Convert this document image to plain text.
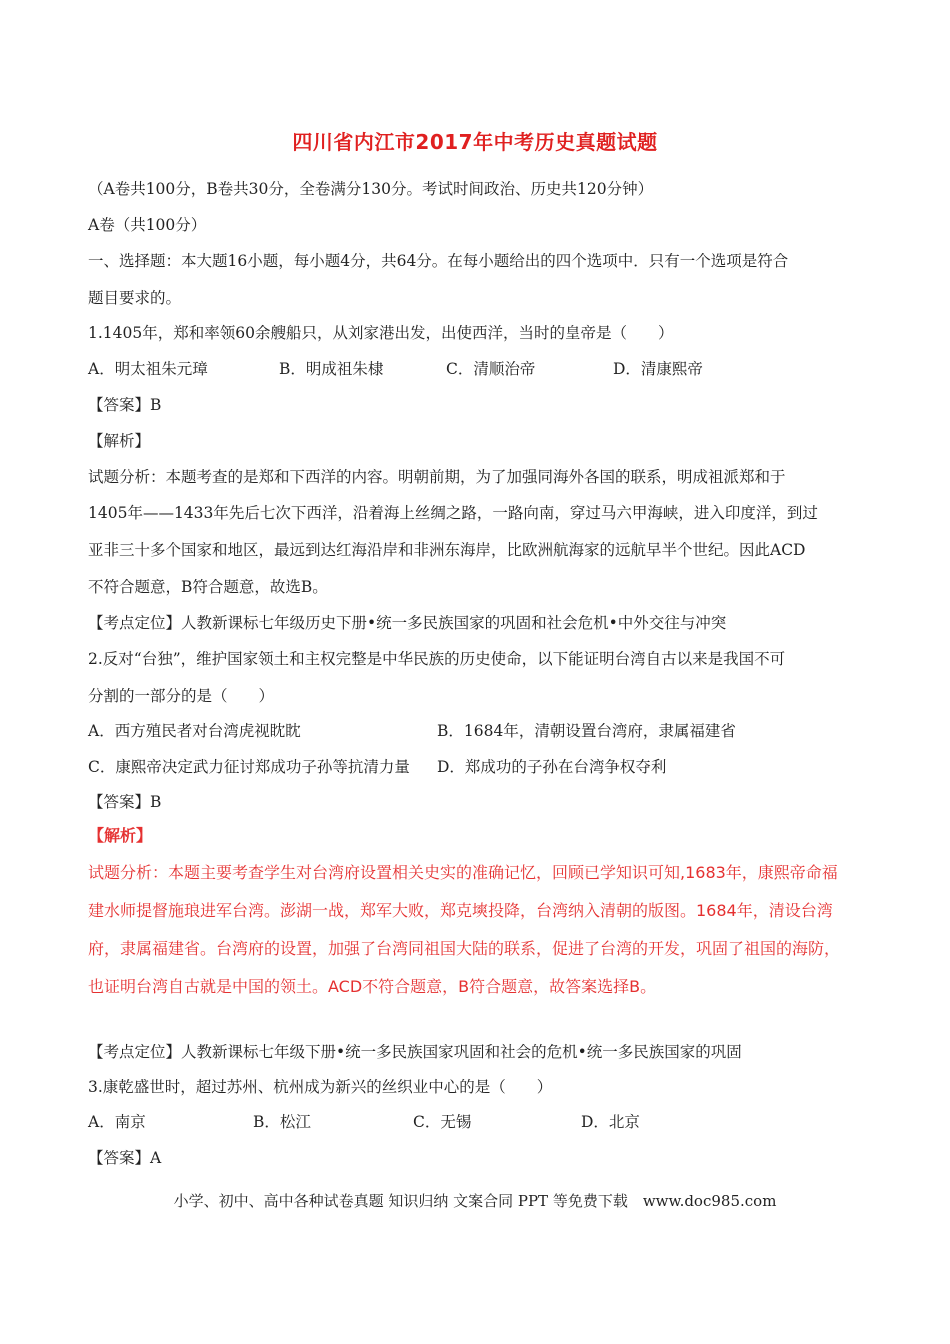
四川省内江市2017年中考历史真题试题
（A卷共100分，B卷共30分，全卷满分130分。考试时间政治、历史共120分钟）
A卷（共100分）
一、选择题：本大题16小题，每小题4分，共64分。在每小题给出的四个选项中．只有一个选项是符合
题目要求的。
1.1405年，郑和率领60余艘船只，从刘家港出发，出使西洋，当时的皇帝是（　　）
A．明太祖朱元璋	B．明成祖朱棣	C．清顺治帝	D．清康熙帝
【答案】B
【解析】
试题分析：本题考查的是郑和下西洋的内容。明朝前期，为了加强同海外各国的联系，明成祖派郑和于
1405年——1433年先后七次下西洋，沿着海上丝绸之路，一路向南，穿过马六甲海峡，进入印度洋，到过
亚非三十多个国家和地区，最远到达红海沿岸和非洲东海岸，比欧洲航海家的远航早半个世纪。因此ACD
不符合题意，B符合题意，故选B。
【考点定位】人教新课标七年级历史下册•统一多民族国家的巩固和社会危机•中外交往与冲突
2.反对“台独”，维护国家领土和主权完整是中华民族的历史使命，以下能证明台湾自古以来是我国不可
分割的一部分的是（　　）
A．西方殖民者对台湾虎视眈眈	B．1684年，清朝设置台湾府，隶属福建省
C．康熙帝决定武力征讨郑成功子孙等抗清力量 D．郑成功的子孙在台湾争权夺利
【答案】B
【解析】
试题分析：本题主要考查学生对台湾府设置相关史实的准确记忆，回顾已学知识可知,1683年，康熙帝命福
建水师提督施琅进军台湾。澎湖一战，郑军大败，郑克塽投降，台湾纳入清朝的版图。1684年，清设台湾
府，隶属福建省。台湾府的设置，加强了台湾同祖国大陆的联系，促进了台湾的开发，巩固了祖国的海防，
也证明台湾自古就是中国的领土。ACD不符合题意，B符合题意，故答案选择B。
【考点定位】人教新课标七年级下册•统一多民族国家巩固和社会的危机•统一多民族国家的巩固
3.康乾盛世时，超过苏州、杭州成为新兴的丝织业中心的是（　　）
A．南京	B．松江	C．无锡	D．北京
【答案】A
小学、初中、高中各种试卷真题 知识归纳 文案合同 PPT 等免费下载　www.doc985.com
